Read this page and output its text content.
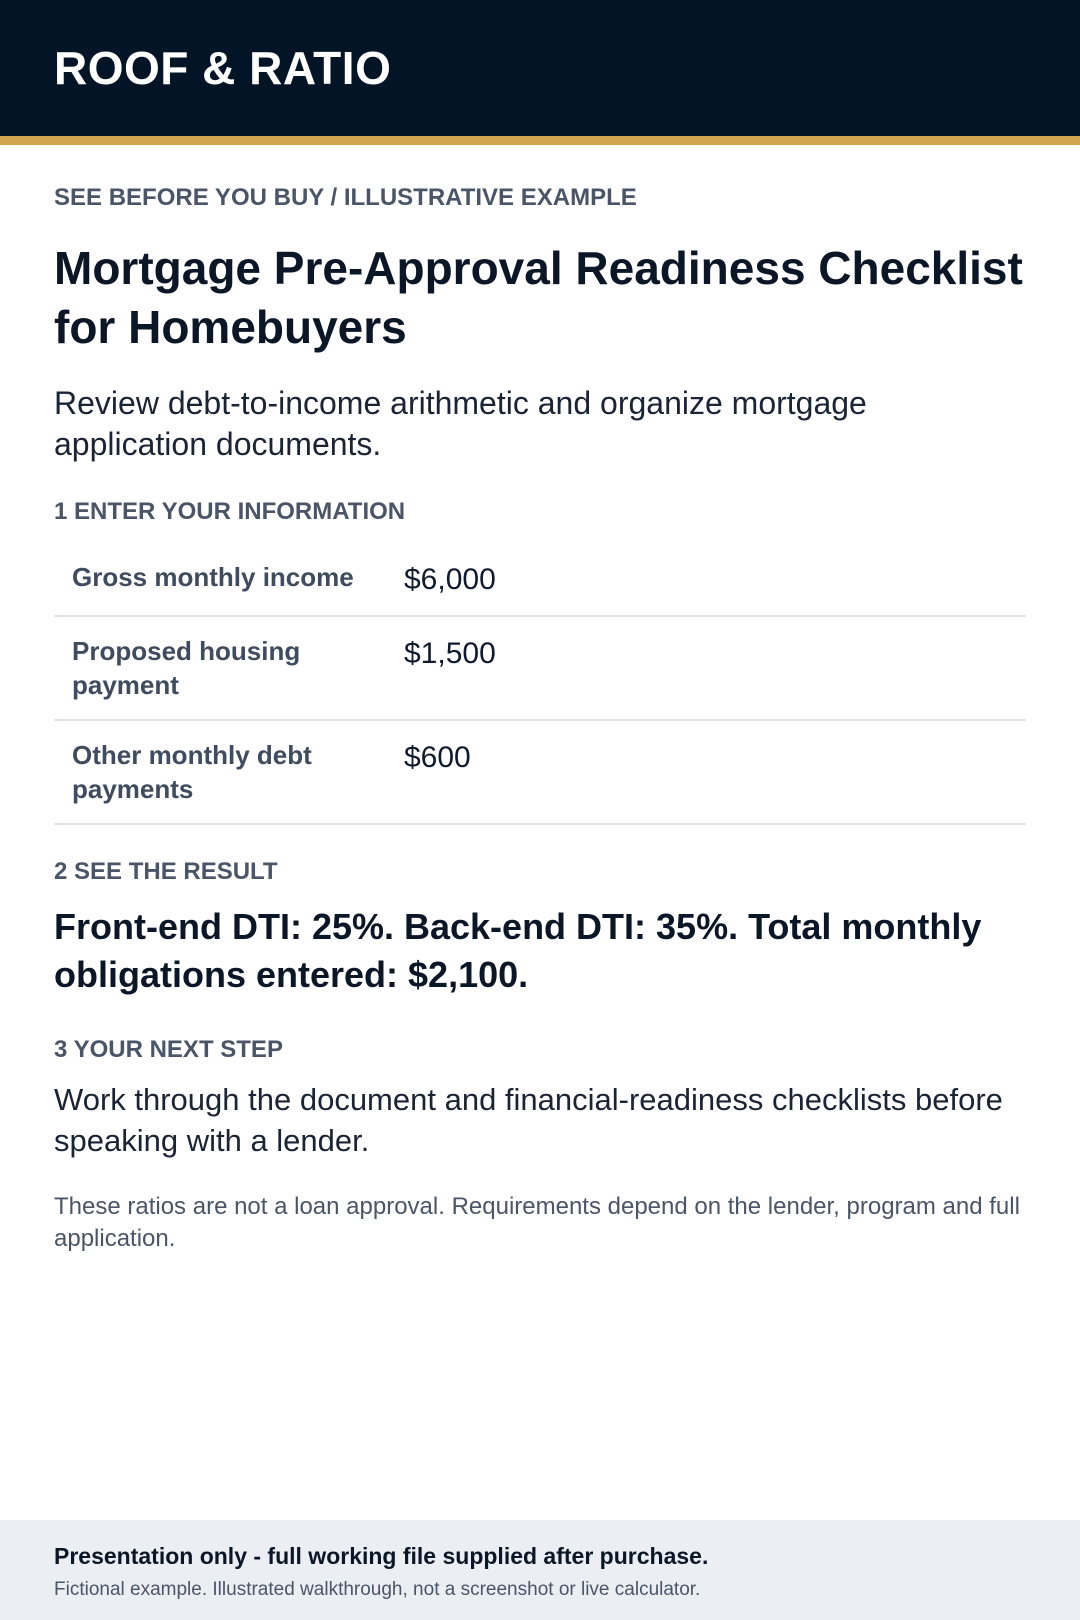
ROOF & RATIO
SEE BEFORE YOU BUY / ILLUSTRATIVE EXAMPLE
Mortgage Pre-Approval Readiness Checklist for Homebuyers
Review debt-to-income arithmetic and organize mortgage application documents.
1 ENTER YOUR INFORMATION
Gross monthly income	$6,000
Proposed housing payment
$1,500
Other monthly debt payments
$600
2 SEE THE RESULT
Front-end DTI: 25%. Back-end DTI: 35%. Total monthly obligations entered: $2,100.
3 YOUR NEXT STEP
Work through the document and financial-readiness checklists before speaking with a lender.
These ratios are not a loan approval. Requirements depend on the lender, program and full application.
Presentation only - full working file supplied after purchase.
Fictional example. Illustrated walkthrough, not a screenshot or live calculator.
